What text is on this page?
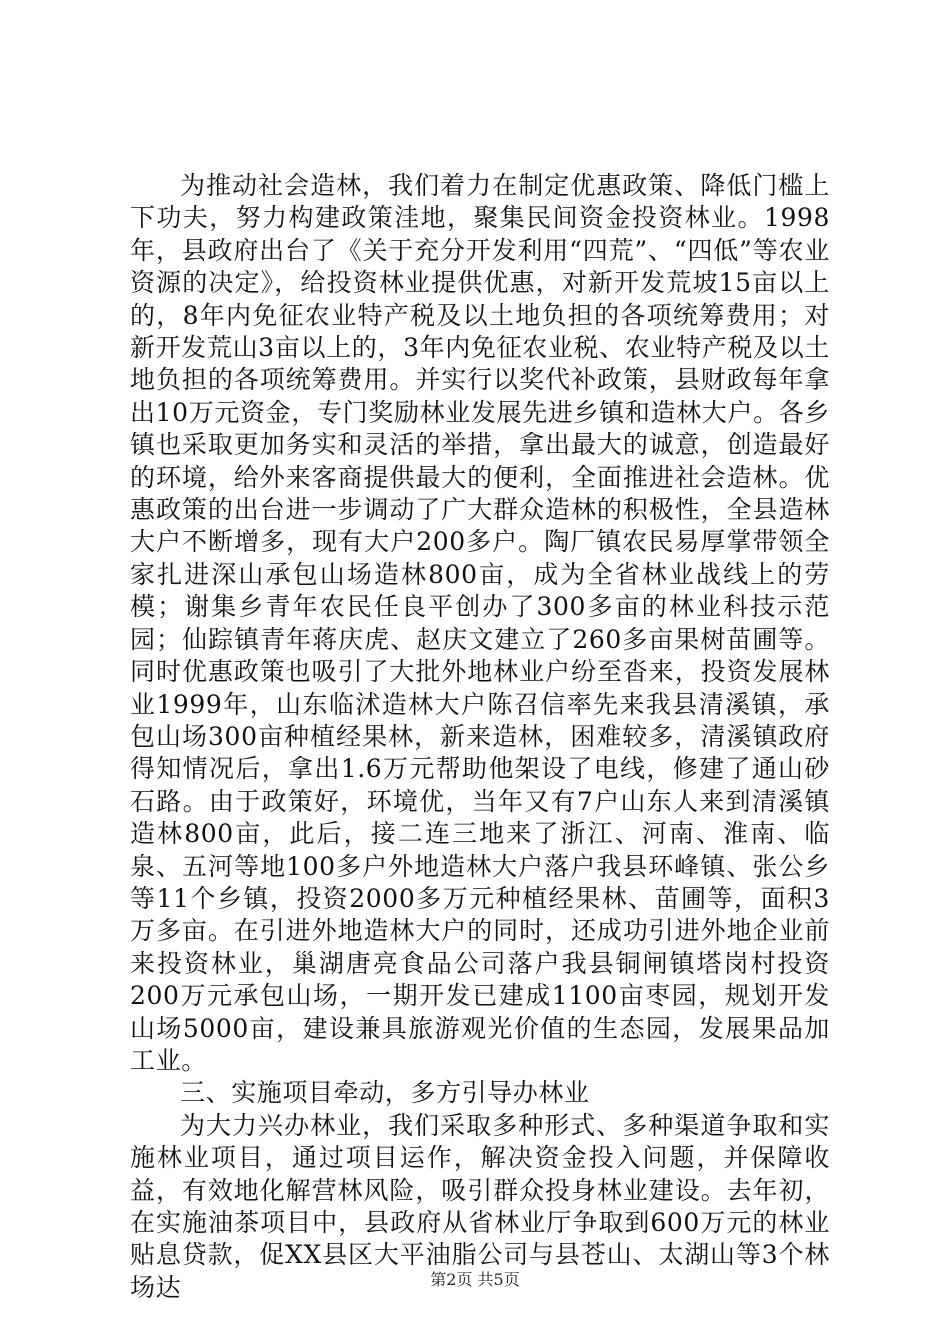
为推动社会造林，我们着力在制定优惠政策、降低门槛上下功夫，努力构建政策洼地，聚集民间资金投资林业。1998年，县政府出台了《关于充分开发利用“四荒”、“四低”等农业资源的决定》，给投资林业提供优惠，对新开发荒坡15亩以上的，8年内免征农业特产税及以土地负担的各项统筹费用；对新开发荒山3亩以上的，3年内免征农业税、农业特产税及以土地负担的各项统筹费用。并实行以奖代补政策，县财政每年拿出10万元资金，专门奖励林业发展先进乡镇和造林大户。各乡镇也采取更加务实和灵活的举措，拿出最大的诚意，创造最好的环境，给外来客商提供最大的便利，全面推进社会造林。优惠政策的出台进一步调动了广大群众造林的积极性，全县造林大户不断增多，现有大户200多户。陶厂镇农民易厚掌带领全家扎进深山承包山场造林800亩，成为全省林业战线上的劳模；谢集乡青年农民任良平创办了300多亩的林业科技示范园；仙踪镇青年蒋庆虎、赵庆文建立了260多亩果树苗圃等。同时优惠政策也吸引了大批外地林业户纷至沓来，投资发展林业1999年，山东临沭造林大户陈召信率先来我县清溪镇，承包山场300亩种植经果林，新来造林，困难较多，清溪镇政府得知情况后，拿出1.6万元帮助他架设了电线，修建了通山砂石路。由于政策好，环境优，当年又有7户山东人来到清溪镇造林800亩，此后，接二连三地来了浙江、河南、淮南、临泉、五河等地100多户外地造林大户落户我县环峰镇、张公乡等11个乡镇，投资2000多万元种植经果林、苗圃等，面积3万多亩。在引进外地造林大户的同时，还成功引进外地企业前来投资林业，巢湖唐亮食品公司落户我县铜闸镇塔岗村投资200万元承包山场，一期开发已建成1100亩枣园，规划开发山场5000亩，建设兼具旅游观光价值的生态园，发展果品加工业。

三、实施项目牵动，多方引导办林业

为大力兴办林业，我们采取多种形式、多种渠道争取和实施林业项目，通过项目运作，解决资金投入问题，并保障收益，有效地化解营林风险，吸引群众投身林业建设。去年初，在实施油茶项目中，县政府从省林业厅争取到600万元的林业贴息贷款，促XX县区大平油脂公司与县苍山、太湖山等3个林场达	第2页 共5页
